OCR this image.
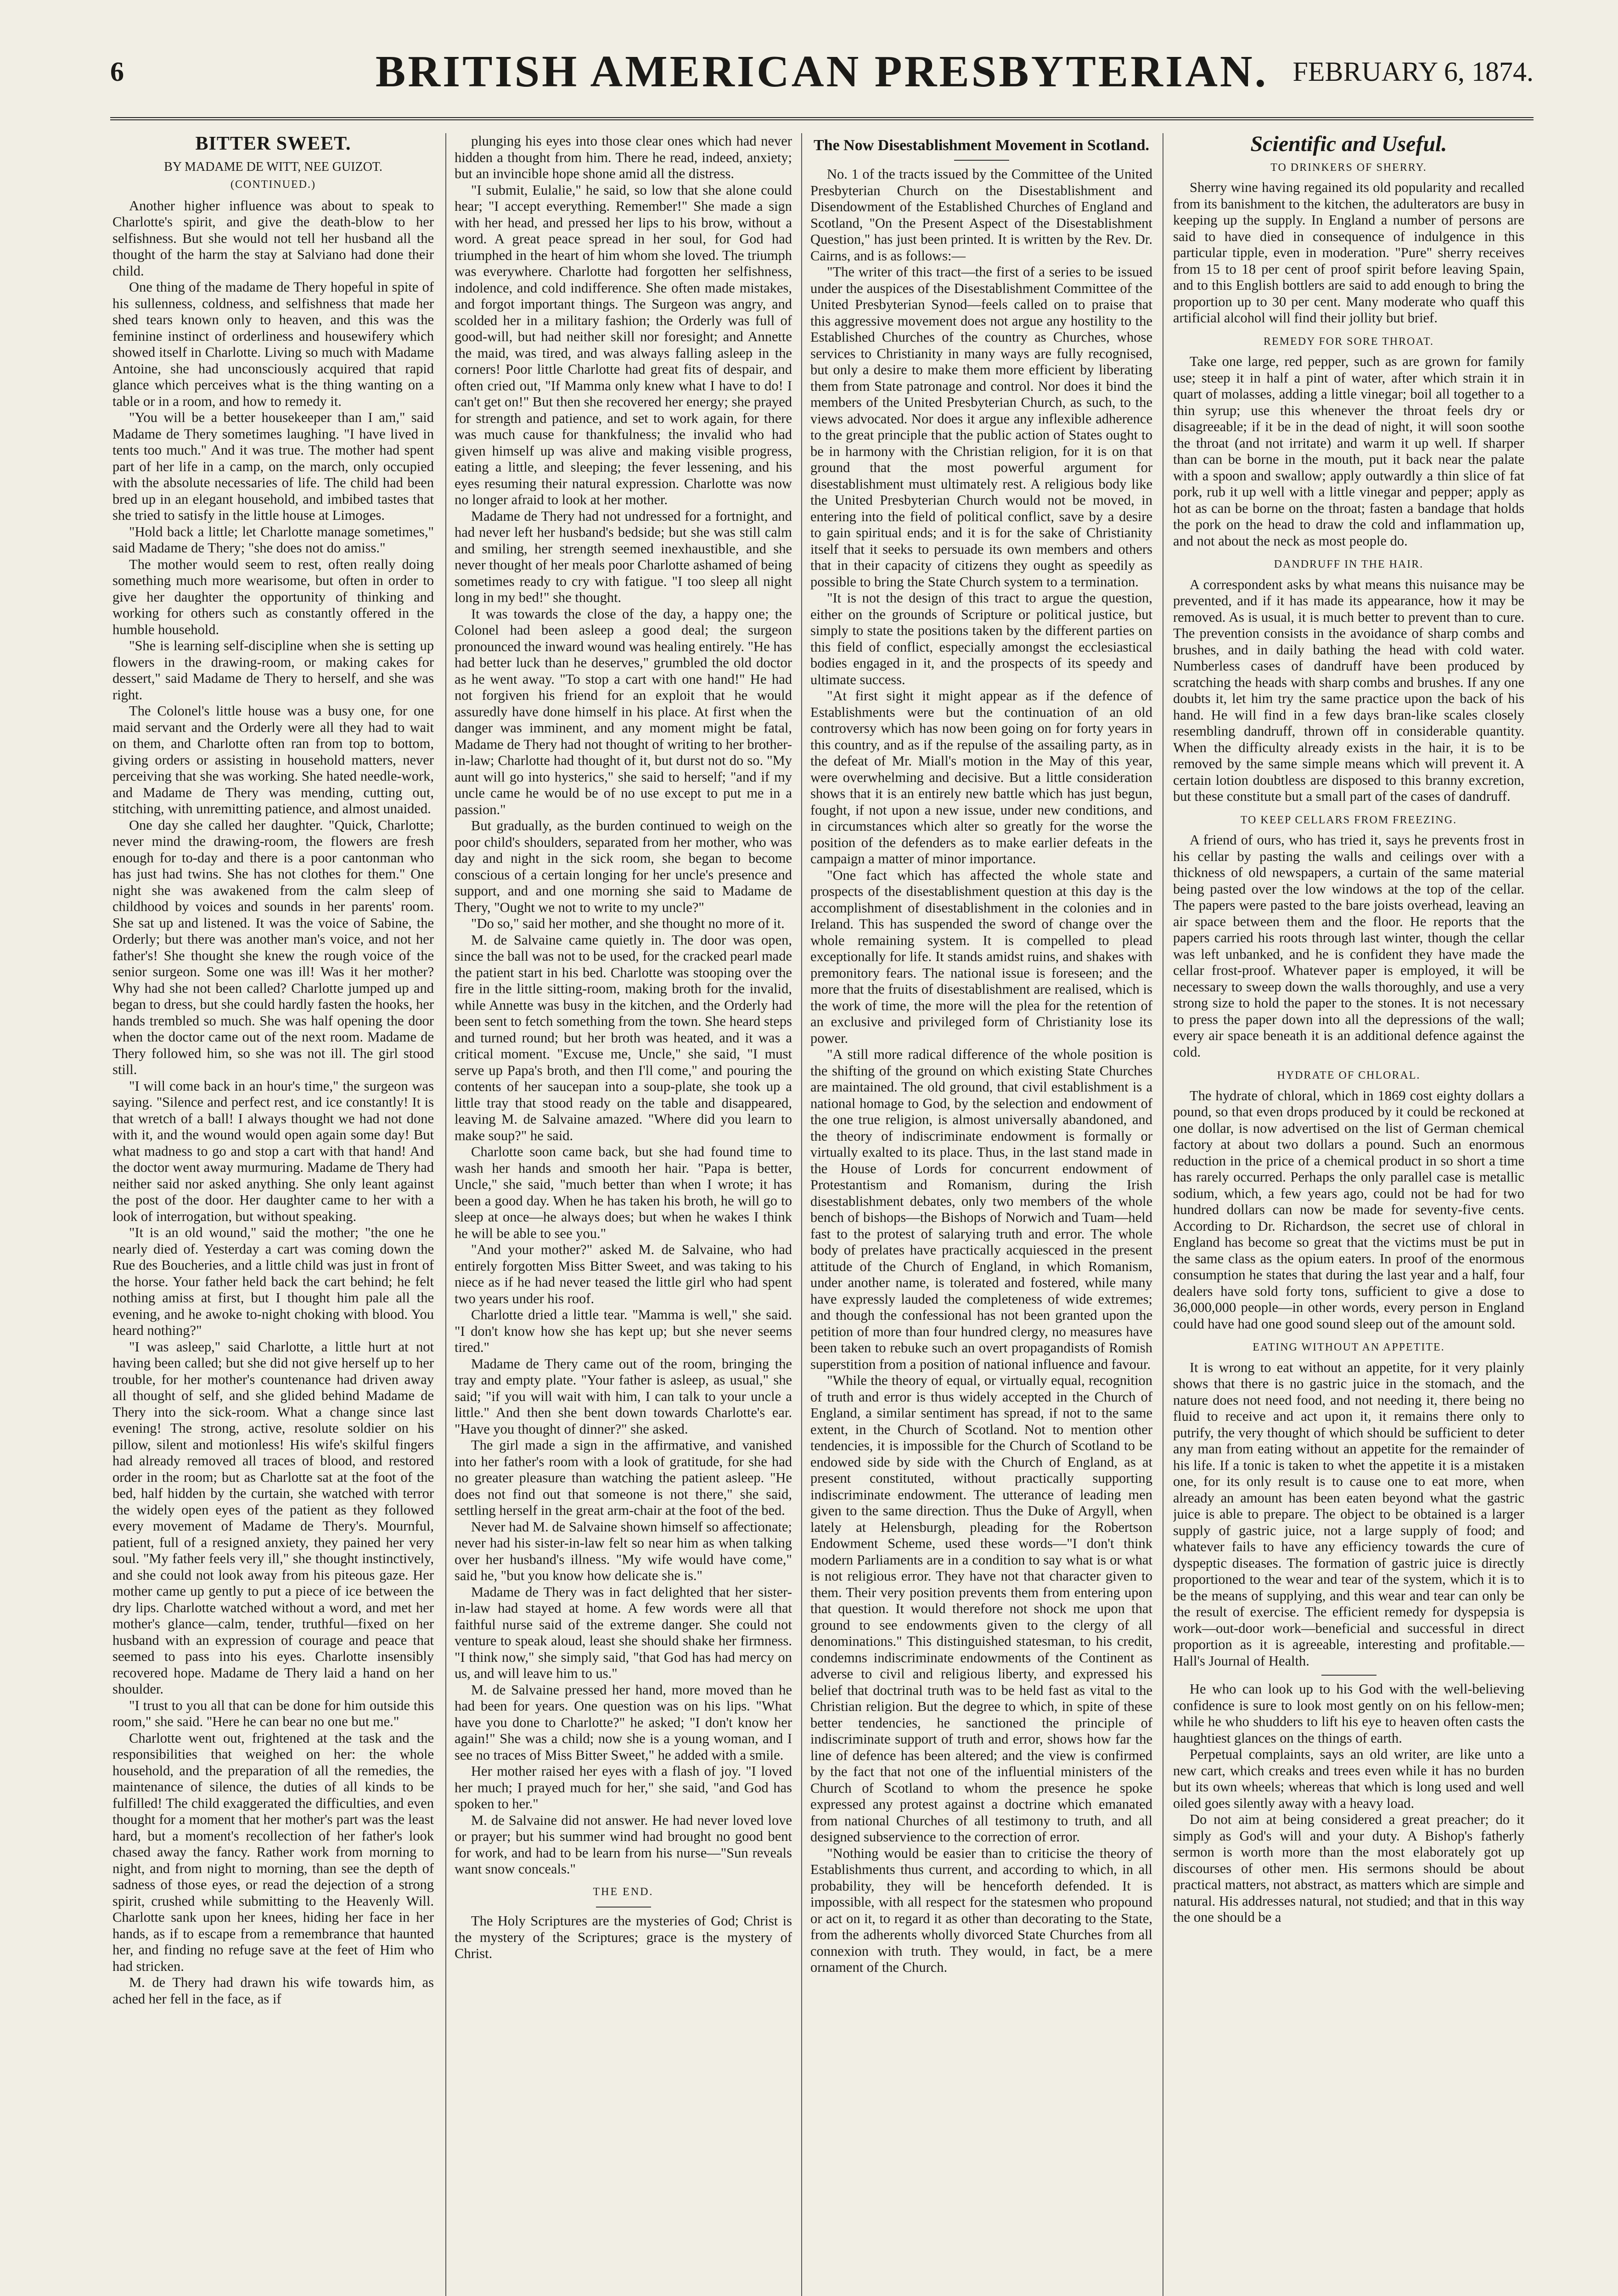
6	BRITISH AMERICAN PRESBYTERIAN. FEBRUARY 6, 1874.
BITTER SWEET.
BY MADAME DE WITT, NEE GUIZOT.
(CONTINUED.)

Another higher influence was about to speak to Charlotte's spirit, and give the death-blow to her selfishness. But she would not tell her husband all the thought of the harm the stay at Salviano had done their child.

One thing of the madame de Thery hopeful in spite of his sullenness, coldness, and selfishness that made her shed tears known only to heaven, and this was the feminine instinct of orderliness and housewifery which showed itself in Charlotte. Living so much with Madame Antoine, she had unconsciously acquired that rapid glance which perceives what is the thing wanting on a table or in a room, and how to remedy it.

"You will be a better housekeeper than I am," said Madame de Thery sometimes laughing. "I have lived in tents too much." And it was true. The mother had spent part of her life in a camp, on the march, only occupied with the absolute necessaries of life. The child had been bred up in an elegant household, and imbibed tastes that she tried to satisfy in the little house at Limoges.

"Hold back a little; let Charlotte manage sometimes," said Madame de Thery; "she does not do amiss."

The mother would seem to rest, often really doing something much more wearisome, but often in order to give her daughter the opportunity of thinking and working for others such as constantly offered in the humble household.

"She is learning self-discipline when she is setting up flowers in the drawing-room, or making cakes for dessert," said Madame de Thery to herself, and she was right.

The Colonel's little house was a busy one, for one maid servant and the Orderly were all they had to wait on them, and Charlotte often ran from top to bottom, giving orders or assisting in household matters, never perceiving that she was working. She hated needle-work, and Madame de Thery was mending, cutting out, stitching, with unremitting patience, and almost unaided.

One day she called her daughter. "Quick, Charlotte; never mind the drawing-room, the flowers are fresh enough for to-day and there is a poor cantonman who has just had twins. She has not clothes for them." One night she was awakened from the calm sleep of childhood by voices and sounds in her parents' room. She sat up and listened. It was the voice of Sabine, the Orderly; but there was another man's voice, and not her father's! She thought she knew the rough voice of the senior surgeon. Some one was ill! Was it her mother? Why had she not been called? Charlotte jumped up and began to dress, but she could hardly fasten the hooks, her hands trembled so much. She was half opening the door when the doctor came out of the next room. Madame de Thery followed him, so she was not ill. The girl stood still.

"I will come back in an hour's time," the surgeon was saying. "Silence and perfect rest, and ice constantly! It is that wretch of a ball! I always thought we had not done with it, and the wound would open again some day! But what madness to go and stop a cart with that hand! And the doctor went away murmuring. Madame de Thery had neither said nor asked anything. She only leant against the post of the door. Her daughter came to her with a look of interrogation, but without speaking.

"It is an old wound," said the mother; "the one he nearly died of. Yesterday a cart was coming down the Rue des Boucheries, and a little child was just in front of the horse. Your father held back the cart behind; he felt nothing amiss at first, but I thought him pale all the evening, and he awoke to-night choking with blood. You heard nothing?"

"I was asleep," said Charlotte, a little hurt at not having been called; but she did not give herself up to her trouble, for her mother's countenance had driven away all thought of self, and she glided behind Madame de Thery into the sick-room. What a change since last evening! The strong, active, resolute soldier on his pillow, silent and motionless! His wife's skilful fingers had already removed all traces of blood, and restored order in the room; but as Charlotte sat at the foot of the bed, half hidden by the curtain, she watched with terror the widely open eyes of the patient as they followed every movement of Madame de Thery's. Mournful, patient, full of a resigned anxiety, they pained her very soul. "My father feels very ill," she thought instinctively, and she could not look away from his piteous gaze. Her mother came up gently to put a piece of ice between the dry lips. Charlotte watched without a word, and met her mother's glance—calm, tender, truthful—fixed on her husband with an expression of courage and peace that seemed to pass into his eyes. Charlotte insensibly recovered hope. Madame de Thery laid a hand on her shoulder.

"I trust to you all that can be done for him outside this room," she said. "Here he can bear no one but me."

Charlotte went out, frightened at the task and the responsibilities that weighed on her: the whole household, and the preparation of all the remedies, the maintenance of silence, the duties of all kinds to be fulfilled! The child exaggerated the difficulties, and even thought for a moment that her mother's part was the least hard, but a moment's recollection of her father's look chased away the fancy. Rather work from morning to night, and from night to morning, than see the depth of sadness of those eyes, or read the dejection of a strong spirit, crushed while submitting to the Heavenly Will. Charlotte sank upon her knees, hiding her face in her hands, as if to escape from a remembrance that haunted her, and finding no refuge save at the feet of Him who had stricken.

M. de Thery had drawn his wife towards him, as ached her fell in the face, as if

plunging his eyes into those clear ones which had never hidden a thought from him. There he read, indeed, anxiety; but an invincible hope shone amid all the distress.

"I submit, Eulalie," he said, so low that she alone could hear; "I accept everything. Remember!" She made a sign with her head, and pressed her lips to his brow, without a word. A great peace spread in her soul, for God had triumphed in the heart of him whom she loved. The triumph was everywhere. Charlotte had forgotten her selfishness, indolence, and cold indifference. She often made mistakes, and forgot important things. The Surgeon was angry, and scolded her in a military fashion; the Orderly was full of good-will, but had neither skill nor foresight; and Annette the maid, was tired, and was always falling asleep in the corners! Poor little Charlotte had great fits of despair, and often cried out, "If Mamma only knew what I have to do! I can't get on!" But then she recovered her energy; she prayed for strength and patience, and set to work again, for there was much cause for thankfulness; the invalid who had given himself up was alive and making visible progress, eating a little, and sleeping; the fever lessening, and his eyes resuming their natural expression. Charlotte was now no longer afraid to look at her mother.

Madame de Thery had not undressed for a fortnight, and had never left her husband's bedside; but she was still calm and smiling, her strength seemed inexhaustible, and she never thought of her meals poor Charlotte ashamed of being sometimes ready to cry with fatigue. "I too sleep all night long in my bed!" she thought.

It was towards the close of the day, a happy one; the Colonel had been asleep a good deal; the surgeon pronounced the inward wound was healing entirely. "He has had better luck than he deserves," grumbled the old doctor as he went away. "To stop a cart with one hand!" He had not forgiven his friend for an exploit that he would assuredly have done himself in his place. At first when the danger was imminent, and any moment might be fatal, Madame de Thery had not thought of writing to her brother-in-law; Charlotte had thought of it, but durst not do so. "My aunt will go into hysterics," she said to herself; "and if my uncle came he would be of no use except to put me in a passion."

But gradually, as the burden continued to weigh on the poor child's shoulders, separated from her mother, who was day and night in the sick room, she began to become conscious of a certain longing for her uncle's presence and support, and and one morning she said to Madame de Thery, "Ought we not to write to my uncle?"

"Do so," said her mother, and she thought no more of it.

M. de Salvaine came quietly in. The door was open, since the ball was not to be used, for the cracked pearl made the patient start in his bed. Charlotte was stooping over the fire in the little sitting-room, making broth for the invalid, while Annette was busy in the kitchen, and the Orderly had been sent to fetch something from the town. She heard steps and turned round; but her broth was heated, and it was a critical moment. "Excuse me, Uncle," she said, "I must serve up Papa's broth, and then I'll come," and pouring the contents of her saucepan into a soup-plate, she took up a little tray that stood ready on the table and disappeared, leaving M. de Salvaine amazed. "Where did you learn to make soup?" he said.

Charlotte soon came back, but she had found time to wash her hands and smooth her hair. "Papa is better, Uncle," she said, "much better than when I wrote; it has been a good day. When he has taken his broth, he will go to sleep at once—he always does; but when he wakes I think he will be able to see you."

"And your mother?" asked M. de Salvaine, who had entirely forgotten Miss Bitter Sweet, and was taking to his niece as if he had never teased the little girl who had spent two years under his roof.

Charlotte dried a little tear. "Mamma is well," she said. "I don't know how she has kept up; but she never seems tired."

Madame de Thery came out of the room, bringing the tray and empty plate. "Your father is asleep, as usual," she said; "if you will wait with him, I can talk to your uncle a little." And then she bent down towards Charlotte's ear. "Have you thought of dinner?" she asked.

The girl made a sign in the affirmative, and vanished into her father's room with a look of gratitude, for she had no greater pleasure than watching the patient asleep. "He does not find out that someone is not there," she said, settling herself in the great arm-chair at the foot of the bed.

Never had M. de Salvaine shown himself so affectionate; never had his sister-in-law felt so near him as when talking over her husband's illness. "My wife would have come," said he, "but you know how delicate she is."

Madame de Thery was in fact delighted that her sister-in-law had stayed at home. A few words were all that faithful nurse said of the extreme danger. She could not venture to speak aloud, least she should shake her firmness. "I think now," she simply said, "that God has had mercy on us, and will leave him to us."

M. de Salvaine pressed her hand, more moved than he had been for years. One question was on his lips. "What have you done to Charlotte?" he asked; "I don't know her again!" She was a child; now she is a young woman, and I see no traces of Miss Bitter Sweet," he added with a smile.

Her mother raised her eyes with a flash of joy. "I loved her much; I prayed much for her," she said, "and God has spoken to her."

M. de Salvaine did not answer. He had never loved love or prayer; but his summer wind had brought no good bent for work, and had to be learn from his nurse—"Sun reveals want snow conceals."

THE END.

The Holy Scriptures are the mysteries of God; Christ is the mystery of the Scriptures; grace is the mystery of Christ.

The Now Disestablishment Movement in Scotland.

No. 1 of the tracts issued by the Committee of the United Presbyterian Church on the Disestablishment and Disendowment of the Established Churches of England and Scotland, "On the Present Aspect of the Disestablishment Question," has just been printed. It is written by the Rev. Dr. Cairns, and is as follows:—

"The writer of this tract—the first of a series to be issued under the auspices of the Disestablishment Committee of the United Presbyterian Synod—feels called on to praise that this aggressive movement does not argue any hostility to the Established Churches of the country as Churches, whose services to Christianity in many ways are fully recognised, but only a desire to make them more efficient by liberating them from State patronage and control. Nor does it bind the members of the United Presbyterian Church, as such, to the views advocated. Nor does it argue any inflexible adherence to the great principle that the public action of States ought to be in harmony with the Christian religion, for it is on that ground that the most powerful argument for disestablishment must ultimately rest. A religious body like the United Presbyterian Church would not be moved, in entering into the field of political conflict, save by a desire to gain spiritual ends; and it is for the sake of Christianity itself that it seeks to persuade its own members and others that in their capacity of citizens they ought as speedily as possible to bring the State Church system to a termination.

"It is not the design of this tract to argue the question, either on the grounds of Scripture or political justice, but simply to state the positions taken by the different parties on this field of conflict, especially amongst the ecclesiastical bodies engaged in it, and the prospects of its speedy and ultimate success.

"At first sight it might appear as if the defence of Establishments were but the continuation of an old controversy which has now been going on for forty years in this country, and as if the repulse of the assailing party, as in the defeat of Mr. Miall's motion in the May of this year, were overwhelming and decisive. But a little consideration shows that it is an entirely new battle which has just begun, fought, if not upon a new issue, under new conditions, and in circumstances which alter so greatly for the worse the position of the defenders as to make earlier defeats in the campaign a matter of minor importance.

"One fact which has affected the whole state and prospects of the disestablishment question at this day is the accomplishment of disestablishment in the colonies and in Ireland. This has suspended the sword of change over the whole remaining system. It is compelled to plead exceptionally for life. It stands amidst ruins, and shakes with premonitory fears. The national issue is foreseen; and the more that the fruits of disestablishment are realised, which is the work of time, the more will the plea for the retention of an exclusive and privileged form of Christianity lose its power.

"A still more radical difference of the whole position is the shifting of the ground on which existing State Churches are maintained. The old ground, that civil establishment is a national homage to God, by the selection and endowment of the one true religion, is almost universally abandoned, and the theory of indiscriminate endowment is formally or virtually exalted to its place. Thus, in the last stand made in the House of Lords for concurrent endowment of Protestantism and Romanism, during the Irish disestablishment debates, only two members of the whole bench of bishops—the Bishops of Norwich and Tuam—held fast to the protest of salarying truth and error. The whole body of prelates have practically acquiesced in the present attitude of the Church of England, in which Romanism, under another name, is tolerated and fostered, while many have expressly lauded the completeness of wide extremes; and though the confessional has not been granted upon the petition of more than four hundred clergy, no measures have been taken to rebuke such an overt propagandists of Romish superstition from a position of national influence and favour.

"While the theory of equal, or virtually equal, recognition of truth and error is thus widely accepted in the Church of England, a similar sentiment has spread, if not to the same extent, in the Church of Scotland. Not to mention other tendencies, it is impossible for the Church of Scotland to be endowed side by side with the Church of England, as at present constituted, without practically supporting indiscriminate endowment. The utterance of leading men given to the same direction. Thus the Duke of Argyll, when lately at Helensburgh, pleading for the Robertson Endowment Scheme, used these words—"I don't think modern Parliaments are in a condition to say what is or what is not religious error. They have not that character given to them. Their very position prevents them from entering upon that question. It would therefore not shock me upon that ground to see endowments given to the clergy of all denominations." This distinguished statesman, to his credit, condemns indiscriminate endowments of the Continent as adverse to civil and religious liberty, and expressed his belief that doctrinal truth was to be held fast as vital to the Christian religion. But the degree to which, in spite of these better tendencies, he sanctioned the principle of indiscriminate support of truth and error, shows how far the line of defence has been altered; and the view is confirmed by the fact that not one of the influential ministers of the Church of Scotland to whom the presence he spoke expressed any protest against a doctrine which emanated from national Churches of all testimony to truth, and all designed subservience to the correction of error.

"Nothing would be easier than to criticise the theory of Establishments thus current, and according to which, in all probability, they will be henceforth defended. It is impossible, with all respect for the statesmen who propound or act on it, to regard it as other than decorating to the State, from the adherents wholly divorced State Churches from all connexion with truth. They would, in fact, be a mere ornament of the Church.

Scientific and Useful.
TO DRINKERS OF SHERRY.

Sherry wine having regained its old popularity and recalled from its banishment to the kitchen, the adulterators are busy in keeping up the supply. In England a number of persons are said to have died in consequence of indulgence in this particular tipple, even in moderation. "Pure" sherry receives from 15 to 18 per cent of proof spirit before leaving Spain, and to this English bottlers are said to add enough to bring the proportion up to 30 per cent. Many moderate who quaff this artificial alcohol will find their jollity but brief.

REMEDY FOR SORE THROAT.

Take one large, red pepper, such as are grown for family use; steep it in half a pint of water, after which strain it in quart of molasses, adding a little vinegar; boil all together to a thin syrup; use this whenever the throat feels dry or disagreeable; if it be in the dead of night, it will soon soothe the throat (and not irritate) and warm it up well. If sharper than can be borne in the mouth, put it back near the palate with a spoon and swallow; apply outwardly a thin slice of fat pork, rub it up well with a little vinegar and pepper; apply as hot as can be borne on the throat; fasten a bandage that holds the pork on the head to draw the cold and inflammation up, and not about the neck as most people do.

DANDRUFF IN THE HAIR.

A correspondent asks by what means this nuisance may be prevented, and if it has made its appearance, how it may be removed. As is usual, it is much better to prevent than to cure. The prevention consists in the avoidance of sharp combs and brushes, and in daily bathing the head with cold water. Numberless cases of dandruff have been produced by scratching the heads with sharp combs and brushes. If any one doubts it, let him try the same practice upon the back of his hand. He will find in a few days bran-like scales closely resembling dandruff, thrown off in considerable quantity. When the difficulty already exists in the hair, it is to be removed by the same simple means which will prevent it. A certain lotion doubtless are disposed to this branny excretion, but these constitute but a small part of the cases of dandruff.

TO KEEP CELLARS FROM FREEZING.

A friend of ours, who has tried it, says he prevents frost in his cellar by pasting the walls and ceilings over with a thickness of old newspapers, a curtain of the same material being pasted over the low windows at the top of the cellar. The papers were pasted to the bare joists overhead, leaving an air space between them and the floor. He reports that the papers carried his roots through last winter, though the cellar was left unbanked, and he is confident they have made the cellar frost-proof. Whatever paper is employed, it will be necessary to sweep down the walls thoroughly, and use a very strong size to hold the paper to the stones. It is not necessary to press the paper down into all the depressions of the wall; every air space beneath it is an additional defence against the cold.

HYDRATE OF CHLORAL.

The hydrate of chloral, which in 1869 cost eighty dollars a pound, so that even drops produced by it could be reckoned at one dollar, is now advertised on the list of German chemical factory at about two dollars a pound. Such an enormous reduction in the price of a chemical product in so short a time has rarely occurred. Perhaps the only parallel case is metallic sodium, which, a few years ago, could not be had for two hundred dollars can now be made for seventy-five cents. According to Dr. Richardson, the secret use of chloral in England has become so great that the victims must be put in the same class as the opium eaters. In proof of the enormous consumption he states that during the last year and a half, four dealers have sold forty tons, sufficient to give a dose to 36,000,000 people—in other words, every person in England could have had one good sound sleep out of the amount sold.

EATING WITHOUT AN APPETITE.

It is wrong to eat without an appetite, for it very plainly shows that there is no gastric juice in the stomach, and the nature does not need food, and not needing it, there being no fluid to receive and act upon it, it remains there only to putrify, the very thought of which should be sufficient to deter any man from eating without an appetite for the remainder of his life. If a tonic is taken to whet the appetite it is a mistaken one, for its only result is to cause one to eat more, when already an amount has been eaten beyond what the gastric juice is able to prepare. The object to be obtained is a larger supply of gastric juice, not a large supply of food; and whatever fails to have any efficiency towards the cure of dyspeptic diseases. The formation of gastric juice is directly proportioned to the wear and tear of the system, which it is to be the means of supplying, and this wear and tear can only be the result of exercise. The efficient remedy for dyspepsia is work—out-door work—beneficial and successful in direct proportion as it is agreeable, interesting and profitable.—Hall's Journal of Health.

He who can look up to his God with the well-believing confidence is sure to look most gently on on his fellow-men; while he who shudders to lift his eye to heaven often casts the haughtiest glances on the things of earth.

Perpetual complaints, says an old writer, are like unto a new cart, which creaks and trees even while it has no burden but its own wheels; whereas that which is long used and well oiled goes silently away with a heavy load.

Do not aim at being considered a great preacher; do it simply as God's will and your duty. A Bishop's fatherly sermon is worth more than the most elaborately got up discourses of other men. His sermons should be about practical matters, not abstract, as matters which are simple and natural. His addresses natural, not studied; and that in this way the one should be a
